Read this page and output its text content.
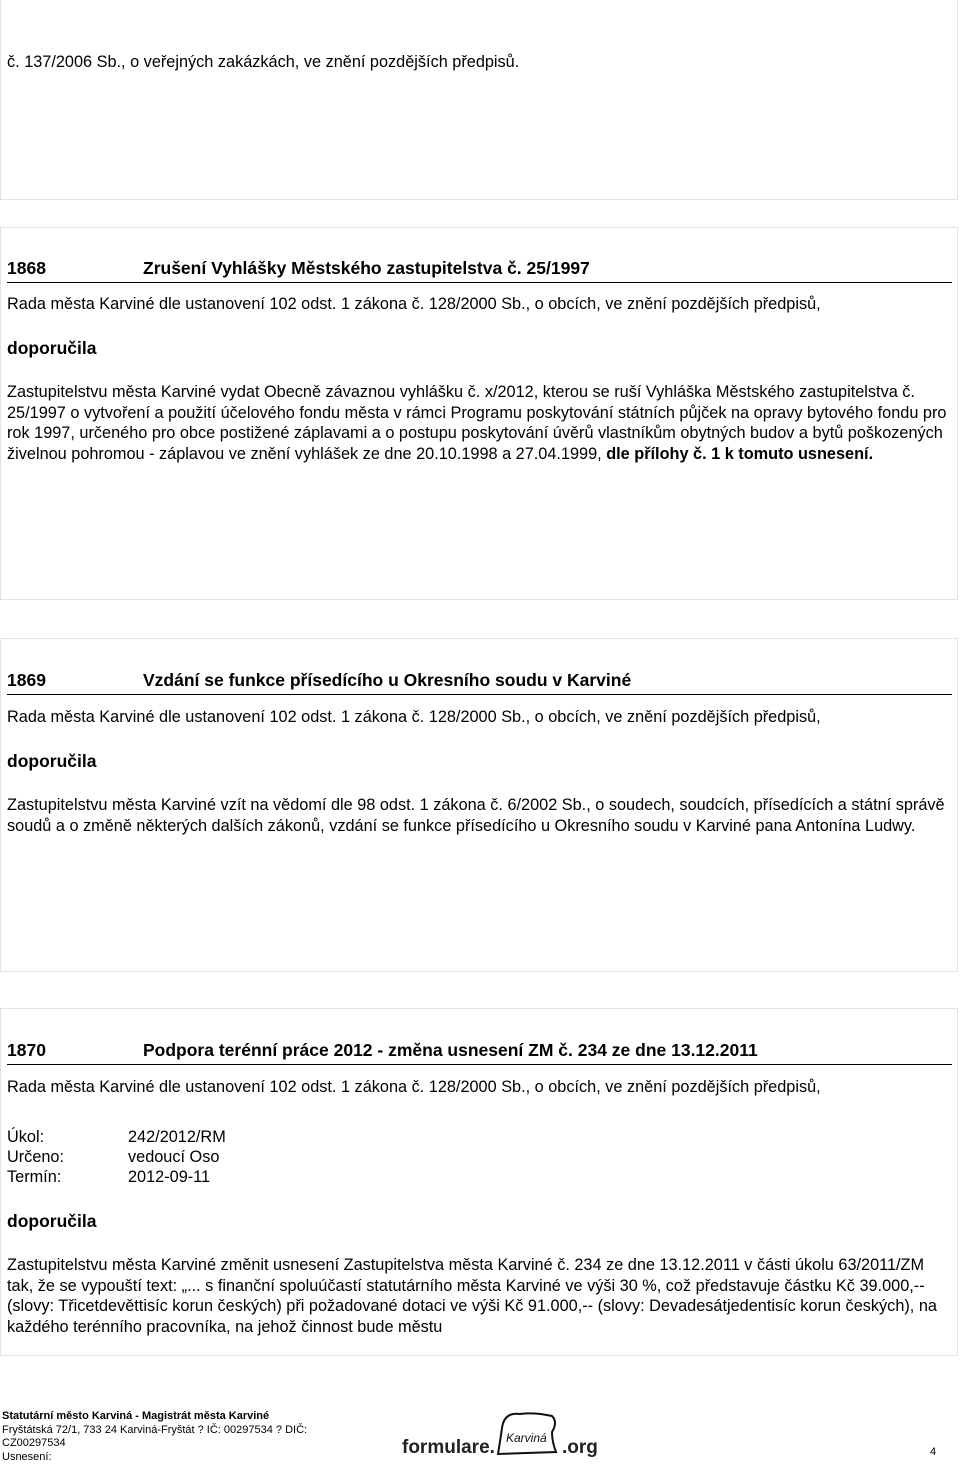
č. 137/2006 Sb., o veřejných zakázkách, ve znění pozdějších předpisů.
1868	Zrušení Vyhlášky Městského zastupitelstva č. 25/1997
Rada města Karviné dle ustanovení 102 odst. 1 zákona č. 128/2000 Sb., o obcích, ve znění pozdějších předpisů,
doporučila
Zastupitelstvu města Karviné vydat Obecně závaznou vyhlášku č. x/2012, kterou se ruší Vyhláška Městského zastupitelstva č. 25/1997 o vytvoření a použití účelového fondu města v rámci Programu poskytování státních půjček na opravy bytového fondu pro rok 1997, určeného pro obce postižené záplavami a o postupu poskytování úvěrů vlastníkům obytných budov a bytů poškozených živelnou pohromou - záplavou ve znění vyhlášek ze dne 20.10.1998 a 27.04.1999, dle přílohy č. 1 k tomuto usnesení.
1869	Vzdání se funkce přísedícího u Okresního soudu v Karviné
Rada města Karviné dle ustanovení 102 odst. 1 zákona č. 128/2000 Sb., o obcích, ve znění pozdějších předpisů,
doporučila
Zastupitelstvu města Karviné vzít na vědomí dle 98 odst. 1 zákona č. 6/2002 Sb., o soudech, soudcích, přísedících a státní správě soudů a o změně některých dalších zákonů, vzdání se funkce přísedícího u Okresního soudu v Karviné pana Antonína Ludwy.
1870	Podpora terénní práce 2012 - změna usnesení ZM č. 234 ze dne 13.12.2011
Rada města Karviné dle ustanovení 102 odst. 1 zákona č. 128/2000 Sb., o obcích, ve znění pozdějších předpisů,
Úkol:	242/2012/RM
Určeno:	vedoucí Oso
Termín:	2012-09-11
doporučila
Zastupitelstvu města Karviné změnit usnesení Zastupitelstva města Karviné č. 234 ze dne 13.12.2011 v části úkolu 63/2011/ZM tak, že se vypouští text: „... s finanční spoluúčastí statutárního města Karviné ve výši 30 %, což představuje částku Kč 39.000,-- (slovy: Třicetdevěttisíc korun českých) při požadované dotaci ve výši Kč 91.000,-- (slovy: Devadesátjedentisíc korun českých), na každého terénního pracovníka, na jehož činnost bude městu
Statutární město Karviná - Magistrát města Karviné
Fryštátská 72/1, 733 24 Karviná-Fryštát ? IČ: 00297534 ? DIČ:
CZ00297534
Usnesení:	formulare. Karviná .org	4
